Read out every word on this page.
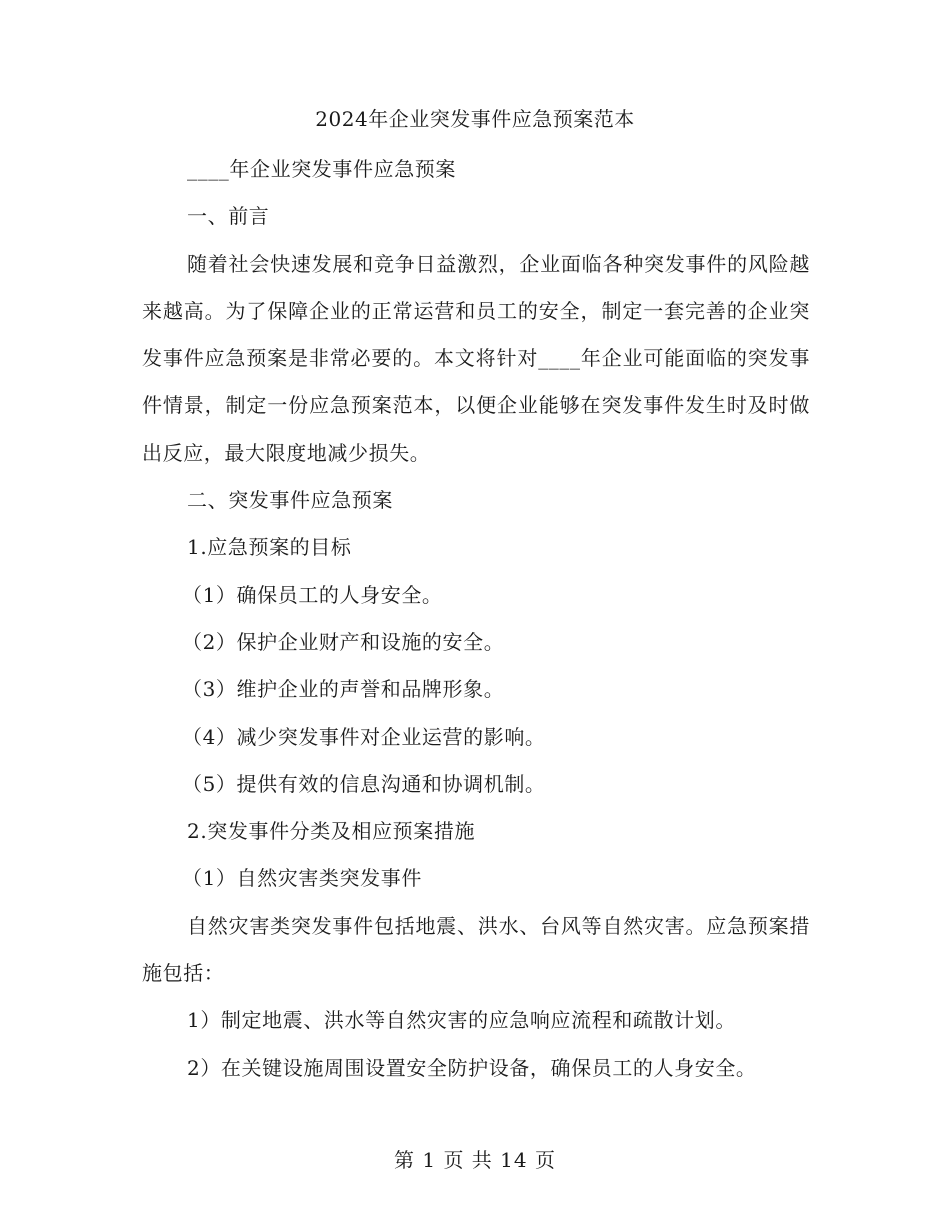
2024年企业突发事件应急预案范本

____年企业突发事件应急预案

一、前言

随着社会快速发展和竞争日益激烈，企业面临各种突发事件的风险越来越高。为了保障企业的正常运营和员工的安全，制定一套完善的企业突发事件应急预案是非常必要的。本文将针对____年企业可能面临的突发事件情景，制定一份应急预案范本，以便企业能够在突发事件发生时及时做出反应，最大限度地减少损失。

二、突发事件应急预案

1.应急预案的目标

（1）确保员工的人身安全。

（2）保护企业财产和设施的安全。

（3）维护企业的声誉和品牌形象。

（4）减少突发事件对企业运营的影响。

（5）提供有效的信息沟通和协调机制。

2.突发事件分类及相应预案措施

（1）自然灾害类突发事件

自然灾害类突发事件包括地震、洪水、台风等自然灾害。应急预案措施包括：

1）制定地震、洪水等自然灾害的应急响应流程和疏散计划。

2）在关键设施周围设置安全防护设备，确保员工的人身安全。

第 1 页 共 14 页
